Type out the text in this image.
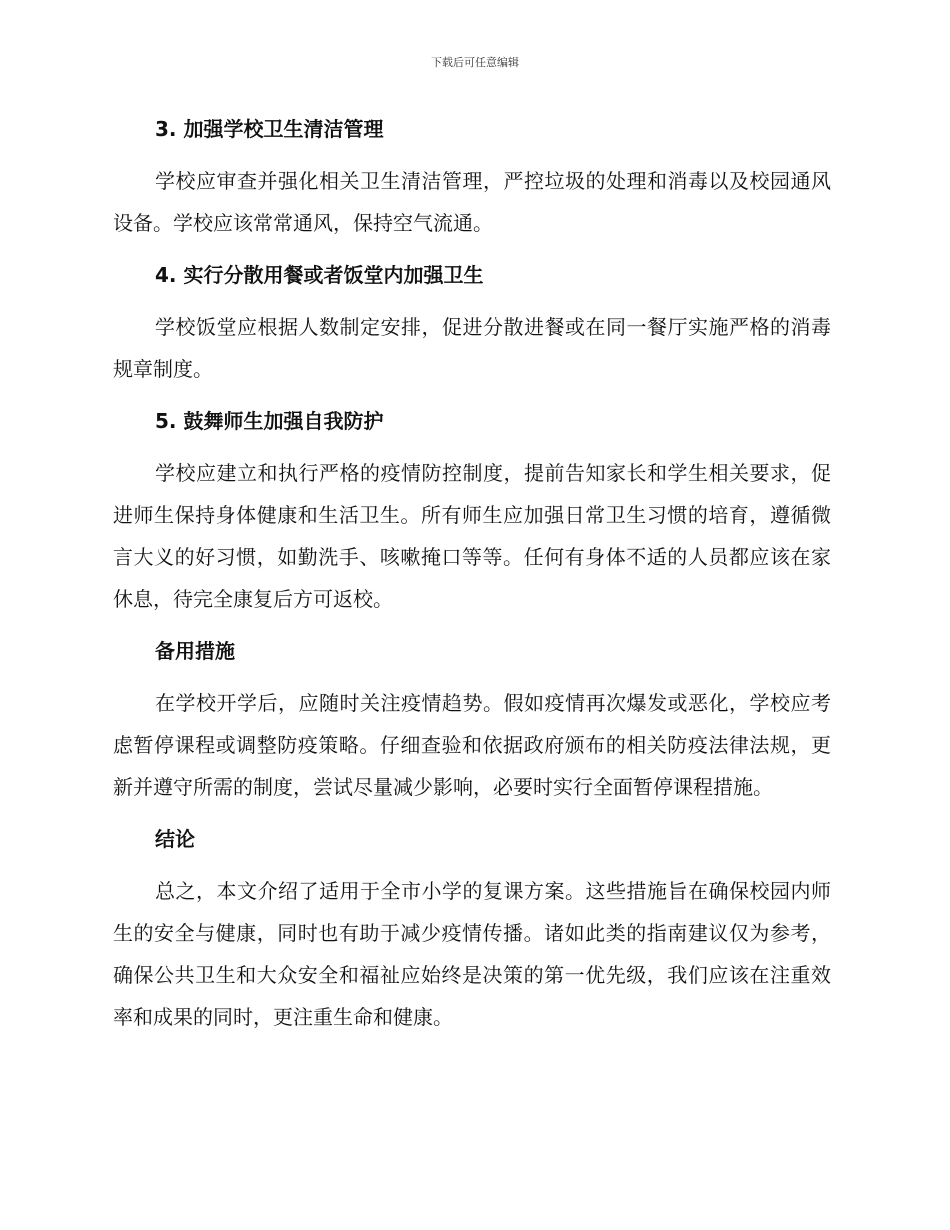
下载后可任意编辑
3. 加强学校卫生清洁管理

学校应审查并强化相关卫生清洁管理，严控垃圾的处理和消毒以及校园通风设备。学校应该常常通风，保持空气流通。

4. 实行分散用餐或者饭堂内加强卫生

学校饭堂应根据人数制定安排，促进分散进餐或在同一餐厅实施严格的消毒规章制度。

5. 鼓舞师生加强自我防护

学校应建立和执行严格的疫情防控制度，提前告知家长和学生相关要求，促进师生保持身体健康和生活卫生。所有师生应加强日常卫生习惯的培育，遵循微言大义的好习惯，如勤洗手、咳嗽掩口等等。任何有身体不适的人员都应该在家休息，待完全康复后方可返校。

备用措施

在学校开学后，应随时关注疫情趋势。假如疫情再次爆发或恶化，学校应考虑暂停课程或调整防疫策略。仔细查验和依据政府颁布的相关防疫法律法规，更新并遵守所需的制度，尝试尽量减少影响，必要时实行全面暂停课程措施。

结论

总之，本文介绍了适用于全市小学的复课方案。这些措施旨在确保校园内师生的安全与健康，同时也有助于减少疫情传播。诸如此类的指南建议仅为参考，确保公共卫生和大众安全和福祉应始终是决策的第一优先级，我们应该在注重效率和成果的同时，更注重生命和健康。
